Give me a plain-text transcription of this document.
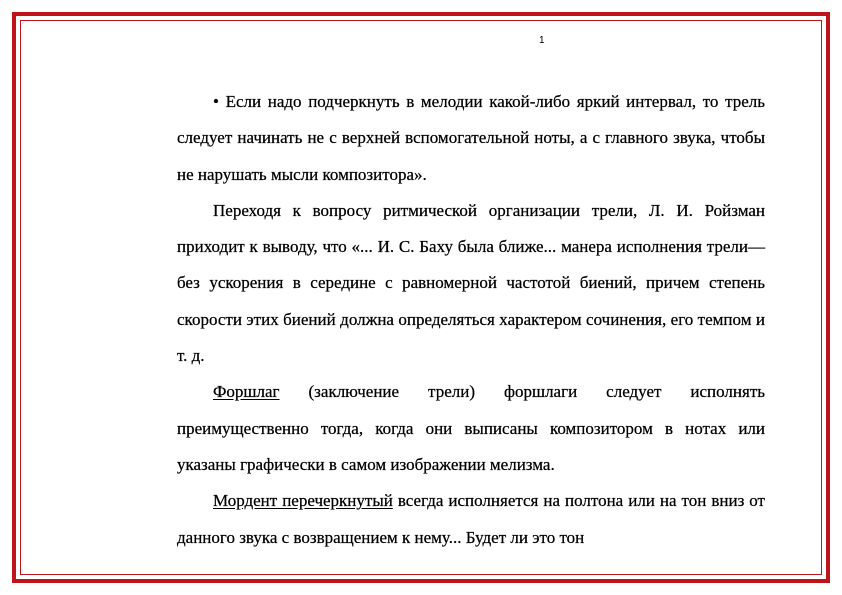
1

• Если надо подчеркнуть в мелодии какой-либо яркий интервал, то трель следует начинать не с верхней вспомогательной ноты, а с главного звука, чтобы не нарушать мысли композитора».

Переходя к вопросу ритмической организации трели, Л. И. Ройзман приходит к выводу, что «... И. С. Баху была ближе... манера исполнения трели—без ускорения в середине с равномерной частотой биений, причем степень скорости этих биений должна определяться характером сочинения, его темпом и т. д.

Форшлаг (заключение трели) форшлаги следует исполнять преимущественно тогда, когда они выписаны композитором в нотах или указаны графически в самом изображении мелизма.

Мордент перечеркнутый всегда исполняется на полтона или на тон вниз от данного звука с возвращением к нему... Будет ли это тон
